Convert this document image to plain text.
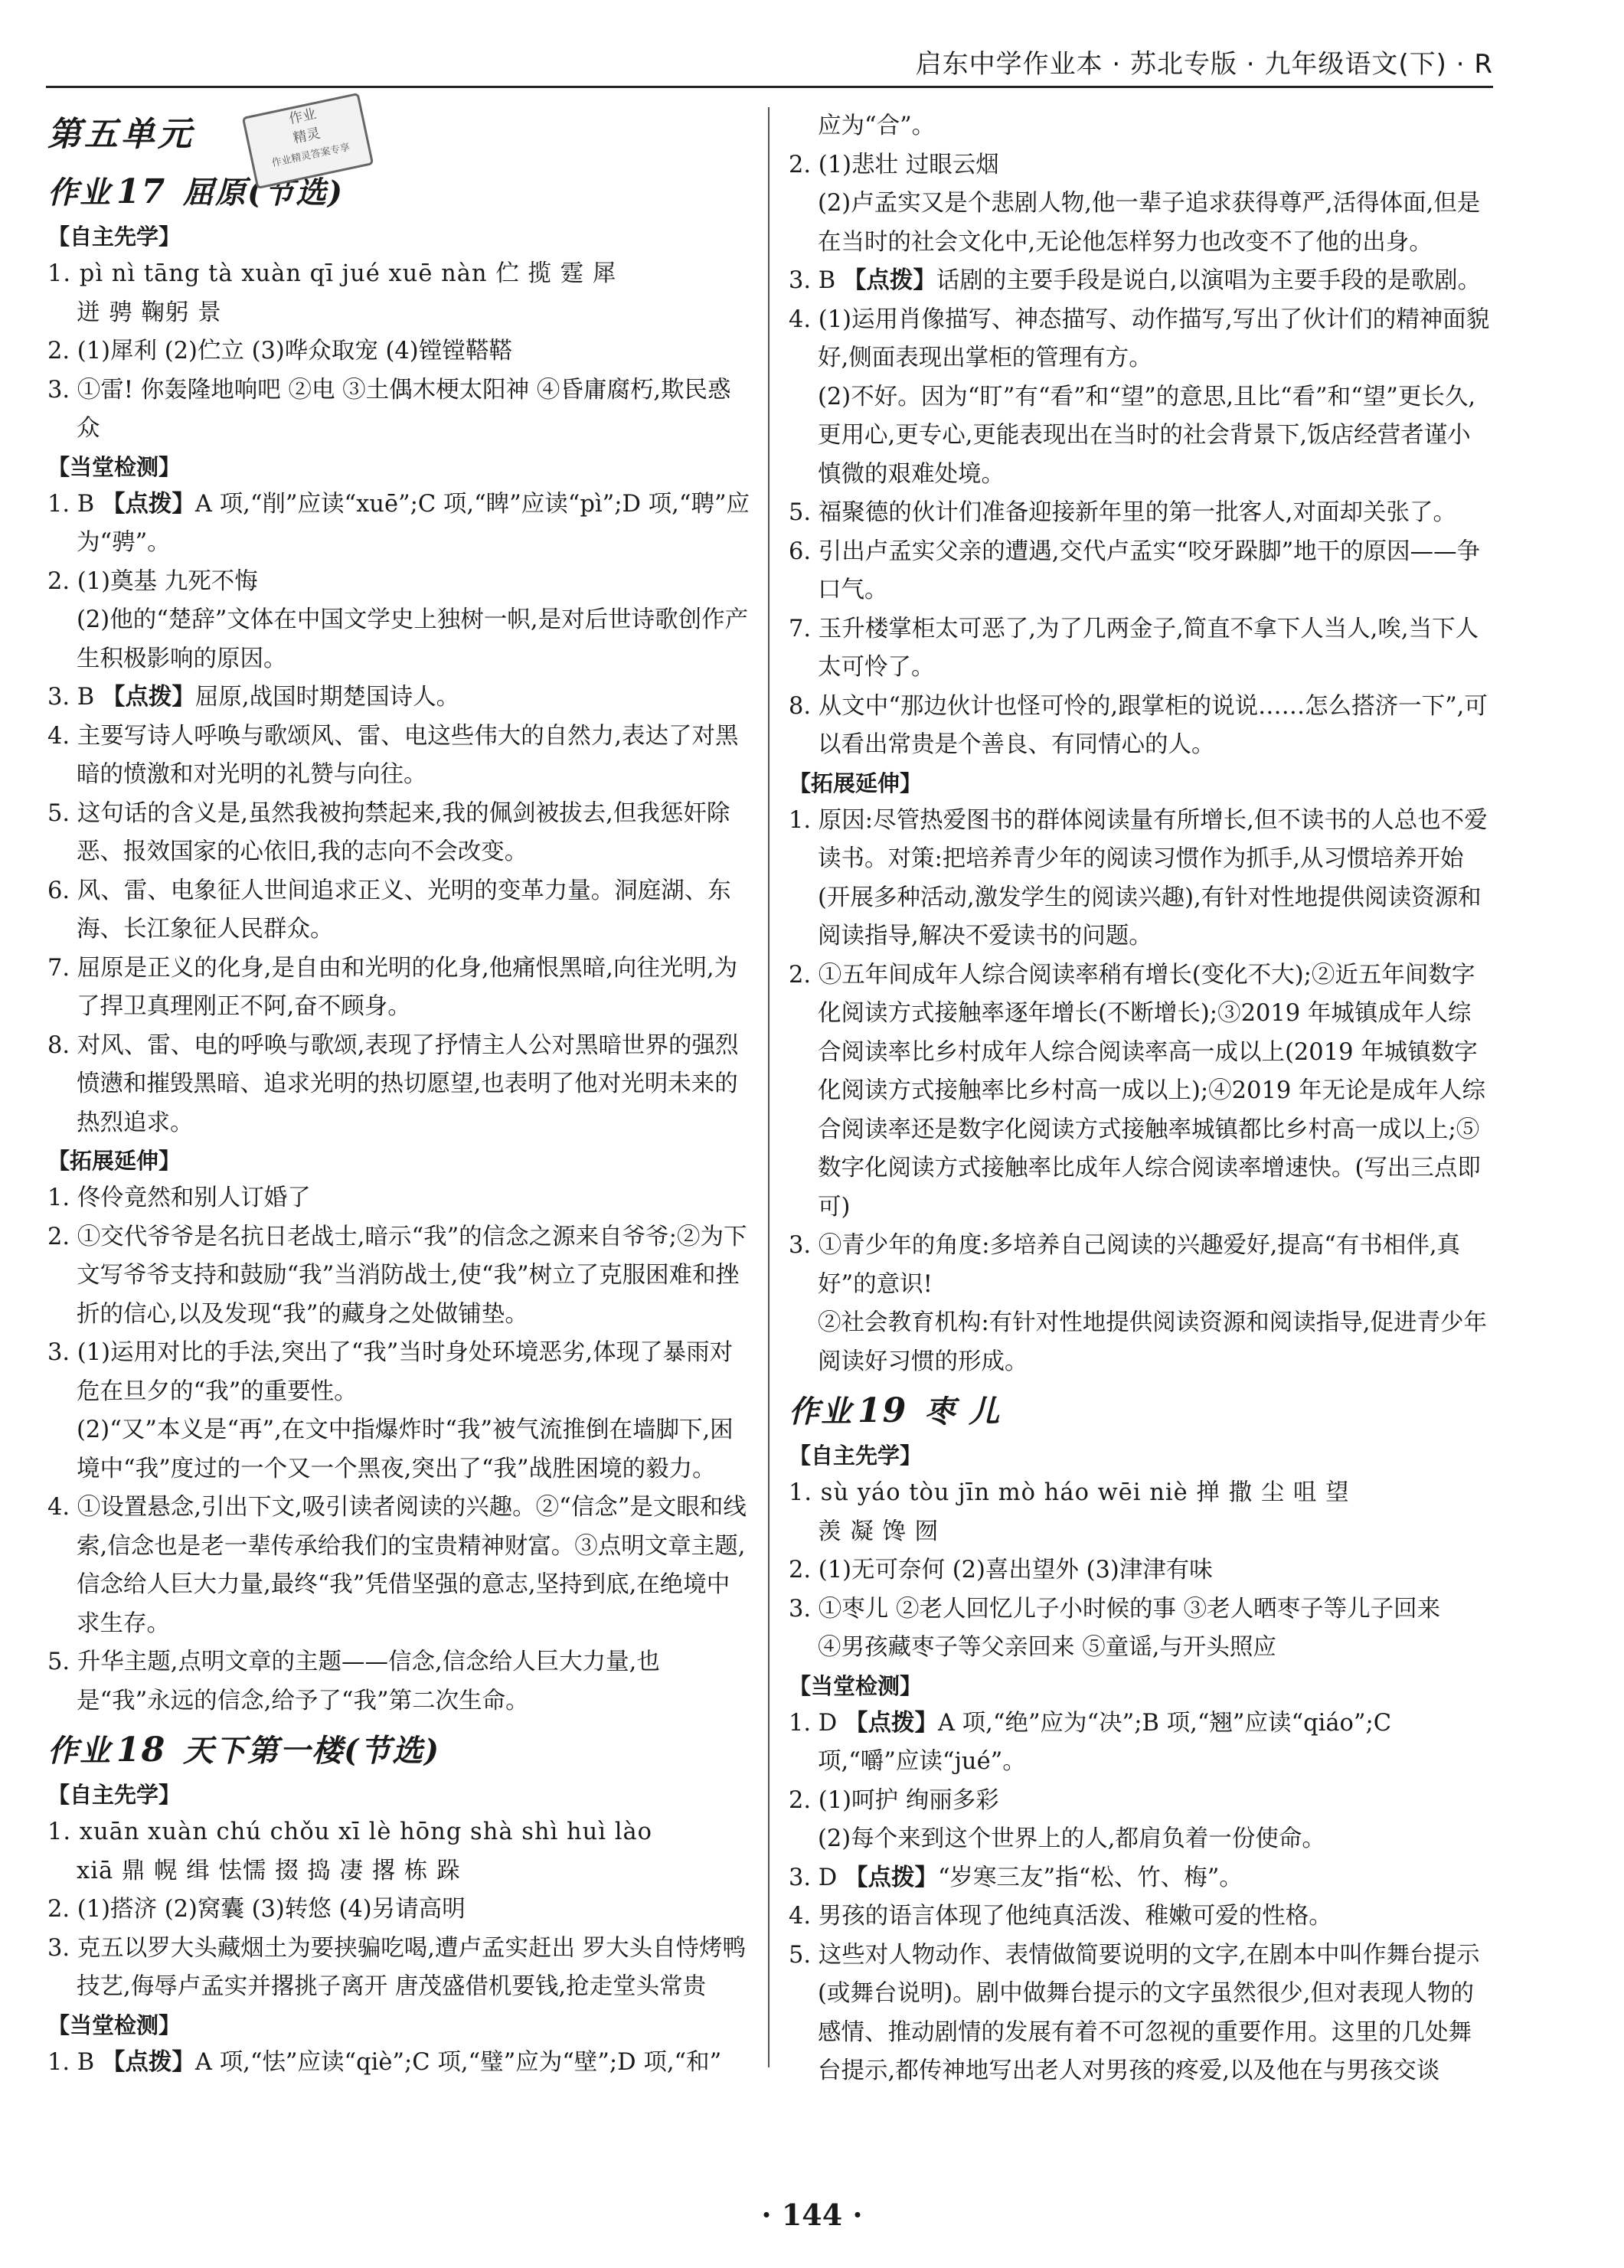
启东中学作业本 · 苏北专版 · 九年级语文(下) · R
第五单元	作业
精灵
作业精灵答案专享
作业 17 屈原(节选)
【自主先学】
1. pì nì tāng tà xuàn qī jué xuē nàn 伫 揽 霆 犀
迸 骋 鞠躬 景
2. (1)犀利 (2)伫立 (3)哗众取宠 (4)镗镗鞳鞳
3. ①雷! 你轰隆地响吧 ②电 ③土偶木梗太阳神 ④昏庸腐朽,欺民惑众
【当堂检测】
1. B 【点拨】A 项,“削”应读“xuē”;C 项,“睥”应读“pì”;D 项,“聘”应为“骋”。
2. (1)奠基 九死不悔
(2)他的“楚辞”文体在中国文学史上独树一帜,是对后世诗歌创作产生积极影响的原因。
3. B 【点拨】屈原,战国时期楚国诗人。
4. 主要写诗人呼唤与歌颂风、雷、电这些伟大的自然力,表达了对黑暗的愤激和对光明的礼赞与向往。
5. 这句话的含义是,虽然我被拘禁起来,我的佩剑被拔去,但我惩奸除恶、报效国家的心依旧,我的志向不会改变。
6. 风、雷、电象征人世间追求正义、光明的变革力量。洞庭湖、东海、长江象征人民群众。
7. 屈原是正义的化身,是自由和光明的化身,他痛恨黑暗,向往光明,为了捍卫真理刚正不阿,奋不顾身。
8. 对风、雷、电的呼唤与歌颂,表现了抒情主人公对黑暗世界的强烈愤懑和摧毁黑暗、追求光明的热切愿望,也表明了他对光明未来的热烈追求。
【拓展延伸】
1. 佟伶竟然和别人订婚了
2. ①交代爷爷是名抗日老战士,暗示“我”的信念之源来自爷爷;②为下文写爷爷支持和鼓励“我”当消防战士,使“我”树立了克服困难和挫折的信心,以及发现“我”的藏身之处做铺垫。
3. (1)运用对比的手法,突出了“我”当时身处环境恶劣,体现了暴雨对危在旦夕的“我”的重要性。
(2)“又”本义是“再”,在文中指爆炸时“我”被气流推倒在墙脚下,困境中“我”度过的一个又一个黑夜,突出了“我”战胜困境的毅力。
4. ①设置悬念,引出下文,吸引读者阅读的兴趣。②“信念”是文眼和线索,信念也是老一辈传承给我们的宝贵精神财富。③点明文章主题,信念给人巨大力量,最终“我”凭借坚强的意志,坚持到底,在绝境中求生存。
5. 升华主题,点明文章的主题——信念,信念给人巨大力量,也是“我”永远的信念,给予了“我”第二次生命。
作业 18 天下第一楼(节选)
【自主先学】
1. xuān xuàn chú chǒu xī lè hōng shà shì huì lào
xiā 鼎 幌 缉 怯懦 掇 捣 凄 撂 栋 跺
2. (1)搭济 (2)窝囊 (3)转悠 (4)另请高明
3. 克五以罗大头藏烟土为要挟骗吃喝,遭卢孟实赶出 罗大头自恃烤鸭技艺,侮辱卢孟实并撂挑子离开 唐茂盛借机要钱,抢走堂头常贵
【当堂检测】
1. B 【点拨】A 项,“怯”应读“qiè”;C 项,“璧”应为“壁”;D 项,“和”
应为“合”。
2. (1)悲壮 过眼云烟
(2)卢孟实又是个悲剧人物,他一辈子追求获得尊严,活得体面,但是在当时的社会文化中,无论他怎样努力也改变不了他的出身。
3. B 【点拨】话剧的主要手段是说白,以演唱为主要手段的是歌剧。
4. (1)运用肖像描写、神态描写、动作描写,写出了伙计们的精神面貌好,侧面表现出掌柜的管理有方。
(2)不好。因为“盯”有“看”和“望”的意思,且比“看”和“望”更长久,更用心,更专心,更能表现出在当时的社会背景下,饭店经营者谨小慎微的艰难处境。
5. 福聚德的伙计们准备迎接新年里的第一批客人,对面却关张了。
6. 引出卢孟实父亲的遭遇,交代卢孟实“咬牙跺脚”地干的原因——争口气。
7. 玉升楼掌柜太可恶了,为了几两金子,简直不拿下人当人,唉,当下人太可怜了。
8. 从文中“那边伙计也怪可怜的,跟掌柜的说说……怎么搭济一下”,可以看出常贵是个善良、有同情心的人。
【拓展延伸】
1. 原因:尽管热爱图书的群体阅读量有所增长,但不读书的人总也不爱读书。对策:把培养青少年的阅读习惯作为抓手,从习惯培养开始(开展多种活动,激发学生的阅读兴趣),有针对性地提供阅读资源和阅读指导,解决不爱读书的问题。
2. ①五年间成年人综合阅读率稍有增长(变化不大);②近五年间数字化阅读方式接触率逐年增长(不断增长);③2019 年城镇成年人综合阅读率比乡村成年人综合阅读率高一成以上(2019 年城镇数字化阅读方式接触率比乡村高一成以上);④2019 年无论是成年人综合阅读率还是数字化阅读方式接触率城镇都比乡村高一成以上;⑤数字化阅读方式接触率比成年人综合阅读率增速快。(写出三点即可)
3. ①青少年的角度:多培养自己阅读的兴趣爱好,提高“有书相伴,真好”的意识!
②社会教育机构:有针对性地提供阅读资源和阅读指导,促进青少年阅读好习惯的形成。
作业 19 枣 儿
【自主先学】
1. sù yáo tòu jīn mò háo wēi niè 掸 撒 尘 咀 望
羡 凝 馋 囫
2. (1)无可奈何 (2)喜出望外 (3)津津有味
3. ①枣儿 ②老人回忆儿子小时候的事 ③老人晒枣子等儿子回来
④男孩藏枣子等父亲回来 ⑤童谣,与开头照应
【当堂检测】
1. D 【点拨】A 项,“绝”应为“决”;B 项,“翘”应读“qiáo”;C 项,“嚼”应读“jué”。
2. (1)呵护 绚丽多彩
(2)每个来到这个世界上的人,都肩负着一份使命。
3. D 【点拨】“岁寒三友”指“松、竹、梅”。
4. 男孩的语言体现了他纯真活泼、稚嫩可爱的性格。
5. 这些对人物动作、表情做简要说明的文字,在剧本中叫作舞台提示(或舞台说明)。剧中做舞台提示的文字虽然很少,但对表现人物的感情、推动剧情的发展有着不可忽视的重要作用。这里的几处舞台提示,都传神地写出老人对男孩的疼爱,以及他在与男孩交谈
· 144 ·
